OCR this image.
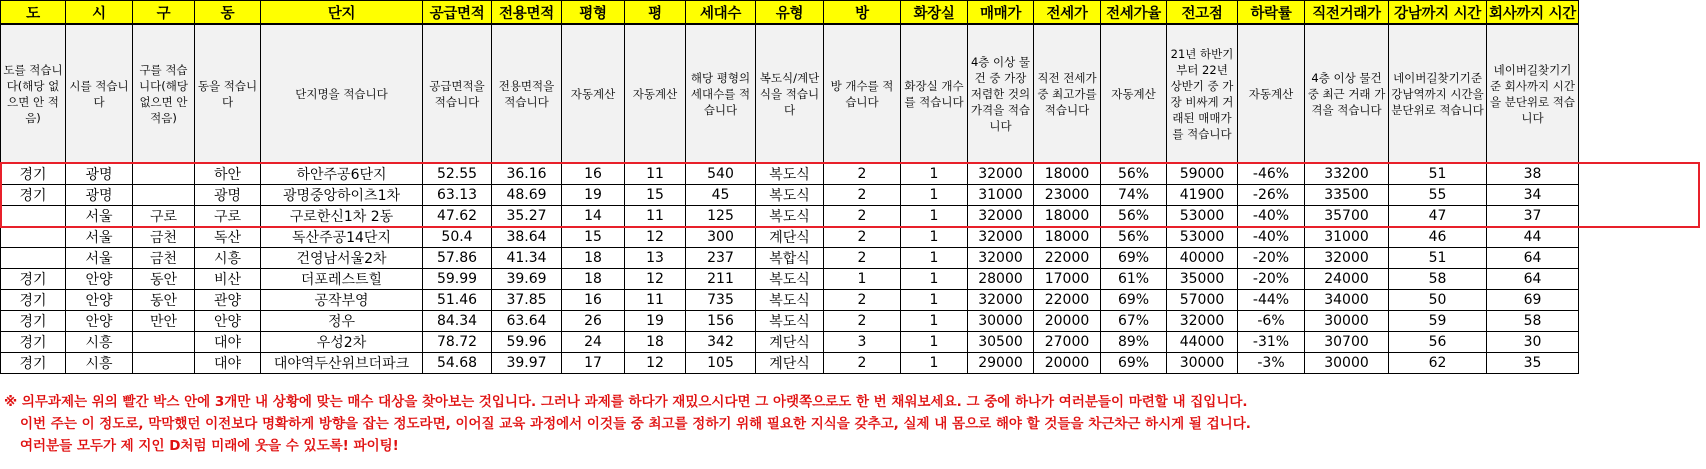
도	시	구	동	단지	공급면적	전용면적	평형	평	세대수	유형	방	화장실	매매가	전세가	전세가율	전고점	하락률	직전거래가	강남까지 시간	회사까지 시간
도를 적습니다(해당 없으면 안 적음)	시를 적습니다	구를 적습니다(해당 없으면 안 적음)	동을 적습니다	단지명을 적습니다	공급면적을 적습니다	전용면적을 적습니다	자동계산	자동계산	해당 평형의 세대수를 적습니다	복도식/계단식을 적습니다	방 개수를 적습니다	화장실 개수를 적습니다	4층 이상 물건 중 가장 저렴한 것의 가격을 적습니다	직전 전세가 중 최고가를 적습니다	자동계산	21년 하반기부터 22년 상반기 중 가장 비싸게 거래된 매매가를 적습니다	자동계산	4층 이상 물건 중 최근 거래 가격을 적습니다	네이버길찾기기준 강남역까지 시간을 분단위로 적습니다	네이버길찾기기준 회사까지 시간을 분단위로 적습니다
경기	광명		하안	하안주공6단지	52.55	36.16	16	11	540	복도식	2	1	32000	18000	56%	59000	-46%	33200	51	38
경기	광명		광명	광명중앙하이츠1차	63.13	48.69	19	15	45	복도식	2	1	31000	23000	74%	41900	-26%	33500	55	34
	서울	구로	구로	구로한신1차 2동	47.62	35.27	14	11	125	복도식	2	1	32000	18000	56%	53000	-40%	35700	47	37
	서울	금천	독산	독산주공14단지	50.4	38.64	15	12	300	계단식	2	1	32000	18000	56%	53000	-40%	31000	46	44
	서울	금천	시흥	건영남서울2차	57.86	41.34	18	13	237	복합식	2	1	32000	22000	69%	40000	-20%	32000	51	64
경기	안양	동안	비산	더포레스트힐	59.99	39.69	18	12	211	복도식	1	1	28000	17000	61%	35000	-20%	24000	58	64
경기	안양	동안	관양	공작부영	51.46	37.85	16	11	735	복도식	2	1	32000	22000	69%	57000	-44%	34000	50	69
경기	안양	만안	안양	정우	84.34	63.64	26	19	156	복도식	2	1	30000	20000	67%	32000	-6%	30000	59	58
경기	시흥		대야	우성2차	78.72	59.96	24	18	342	계단식	3	1	30500	27000	89%	44000	-31%	30700	56	30
경기	시흥		대야	대야역두산위브더파크	54.68	39.97	17	12	105	계단식	2	1	29000	20000	69%	30000	-3%	30000	62	35
※ 의무과제는 위의 빨간 박스 안에 3개만 내 상황에 맞는 매수 대상을 찾아보는 것입니다. 그러나 과제를 하다가 재밌으시다면 그 아랫쪽으로도 한 번 채워보세요. 그 중에 하나가 여러분들이 마련할 내 집입니다.
이번 주는 이 정도로, 막막했던 이전보다 명확하게 방향을 잡는 정도라면, 이어질 교육 과정에서 이것들 중 최고를 정하기 위해 필요한 지식을 갖추고, 실제 내 몸으로 해야 할 것들을 차근차근 하시게 될 겁니다.
여러분들 모두가 제 지인 D처럼 미래에 웃을 수 있도록! 파이팅!
